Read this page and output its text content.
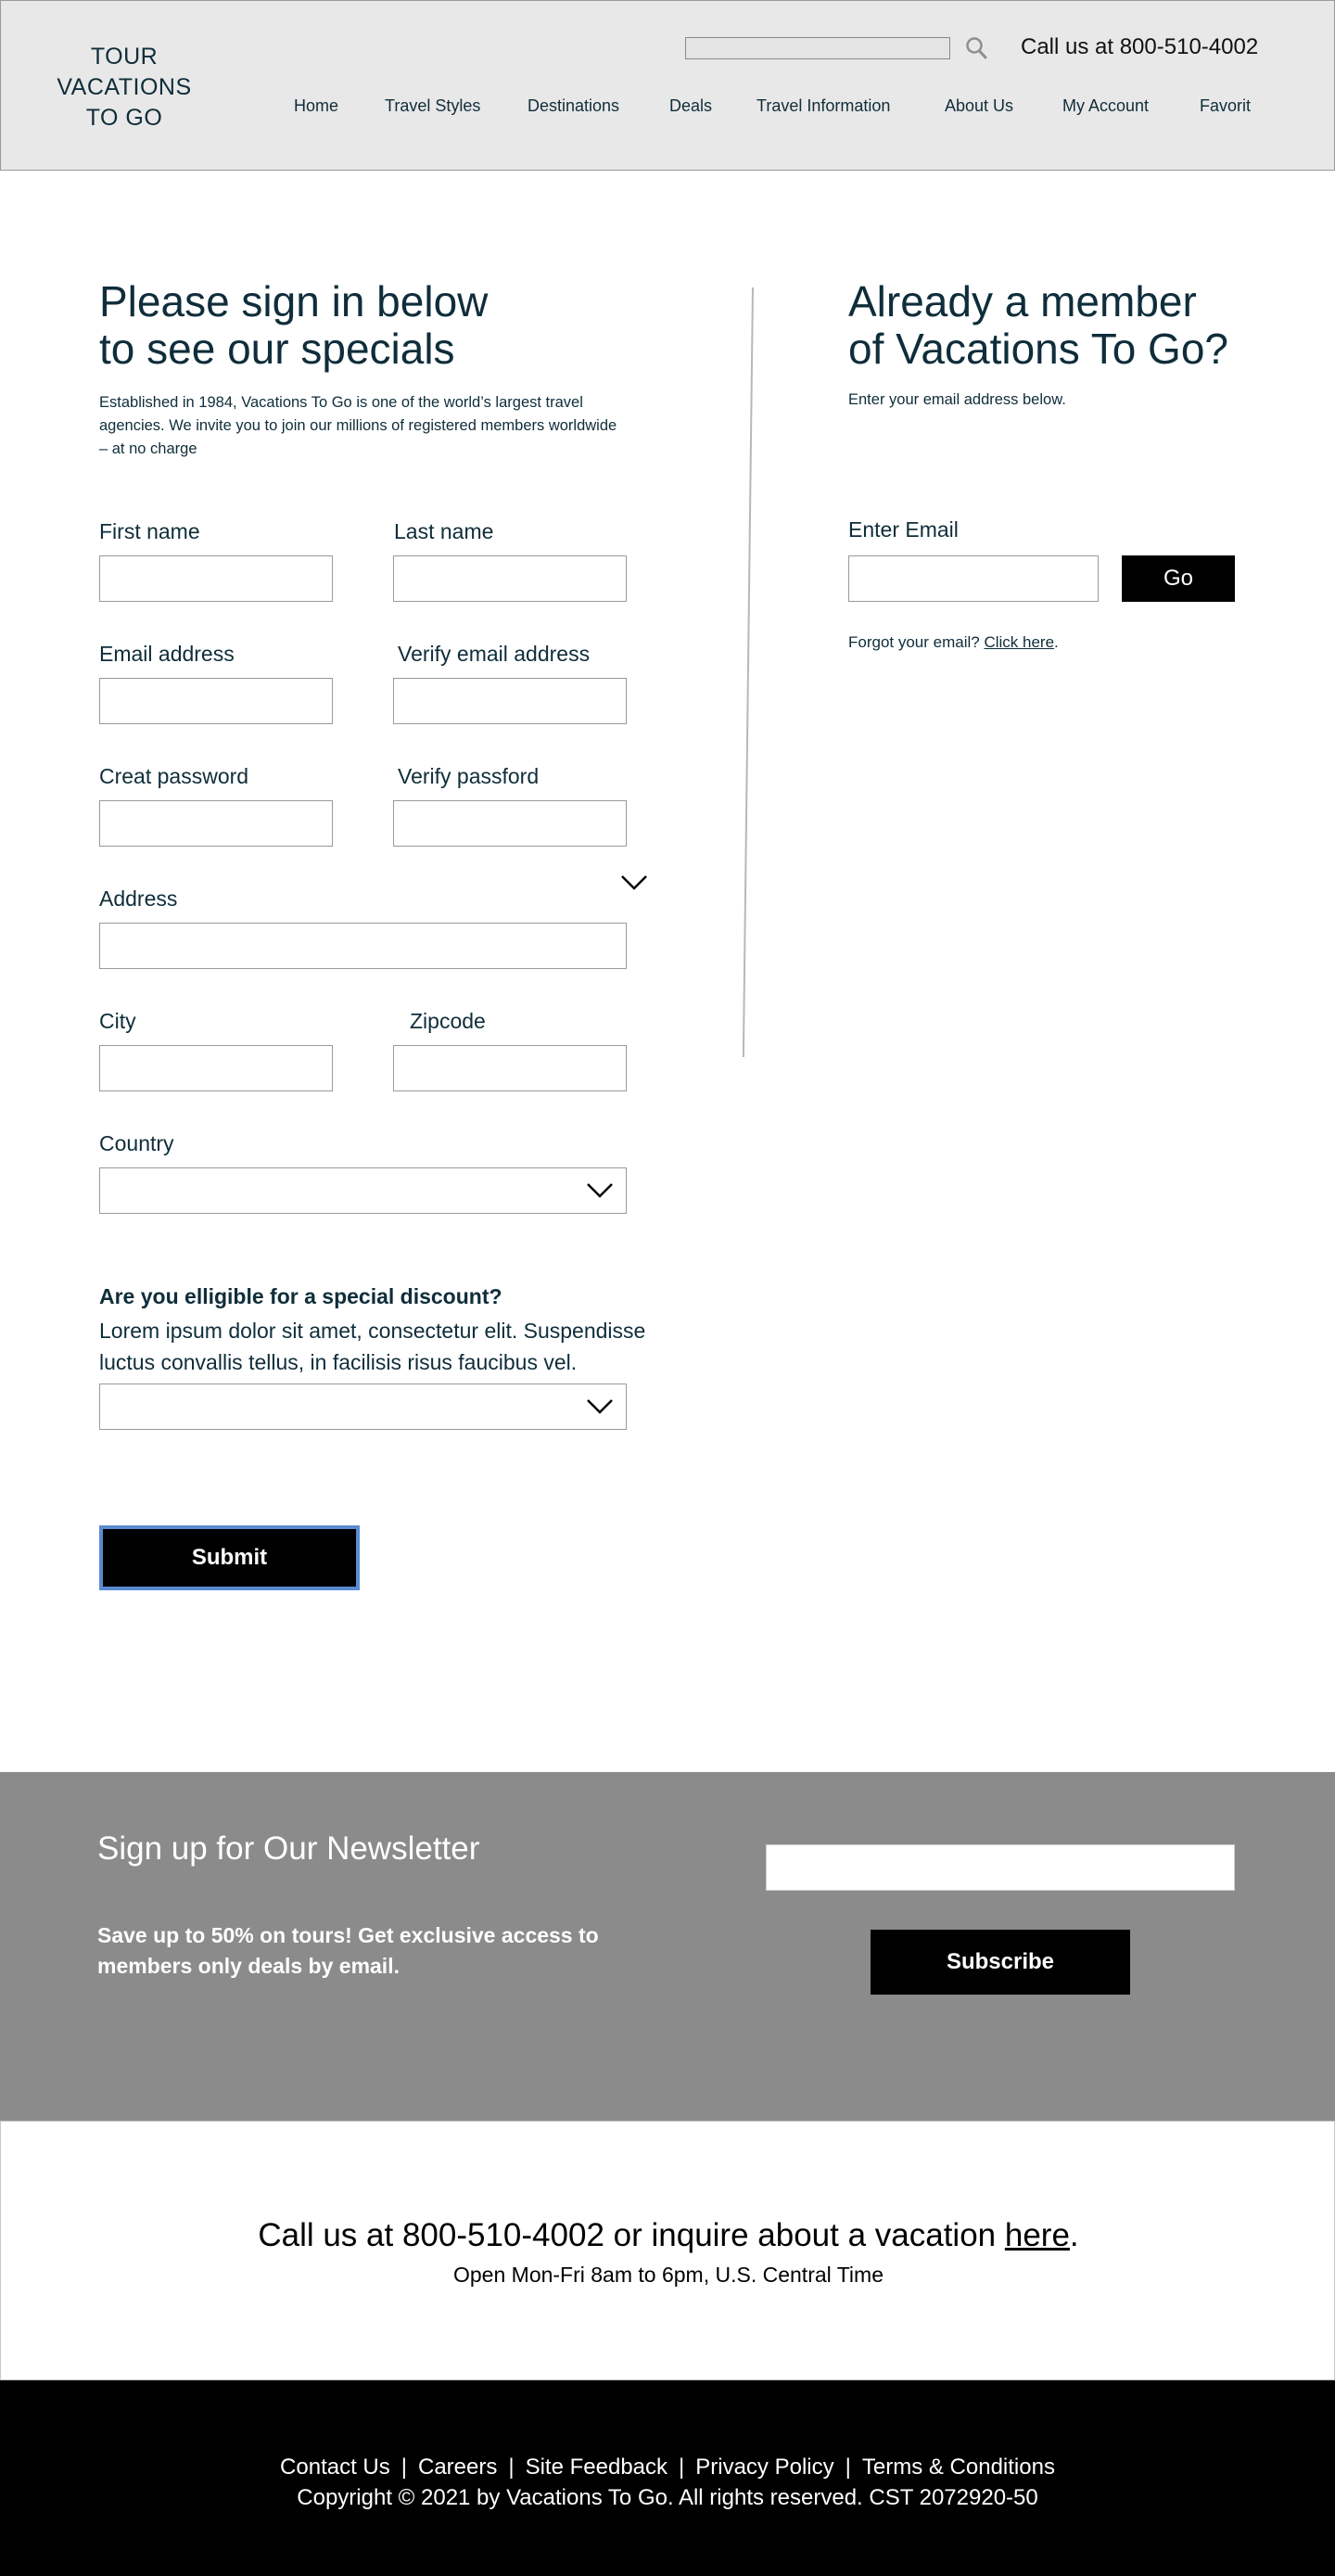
TOUR VACATIONS TO GO
Call us at 800-510-4002
Home	Travel Styles	Destinations	Deals	Travel Information	About Us	My Account	Favorit
Please sign in below
to see our specials

Established in 1984, Vacations To Go is one of the world’s largest travel agencies. We invite you to join our millions of registered members worldwide – at no charge

First name	Last name
Email address	Verify email address
Creat password	Verify passford
Address
City	Zipcode
Country
Are you elligible for a special discount?
Lorem ipsum dolor sit amet, consectetur elit. Suspendisse luctus convallis tellus, in facilisis risus faucibus vel.
Submit
Already a member
of Vacations To Go?

Enter your email address below.

Enter Email
Go

Forgot your email? Click here.

Sign up for Our Newsletter
Save up to 50% on tours! Get exclusive access to members only deals by email.	Subscribe
Call us at 800-510-4002 or inquire about a vacation here.
Open Mon-Fri 8am to 6pm, U.S. Central Time
Contact Us | Careers | Site Feedback | Privacy Policy | Terms & Conditions
Copyright © 2021 by Vacations To Go. All rights reserved. CST 2072920-50
